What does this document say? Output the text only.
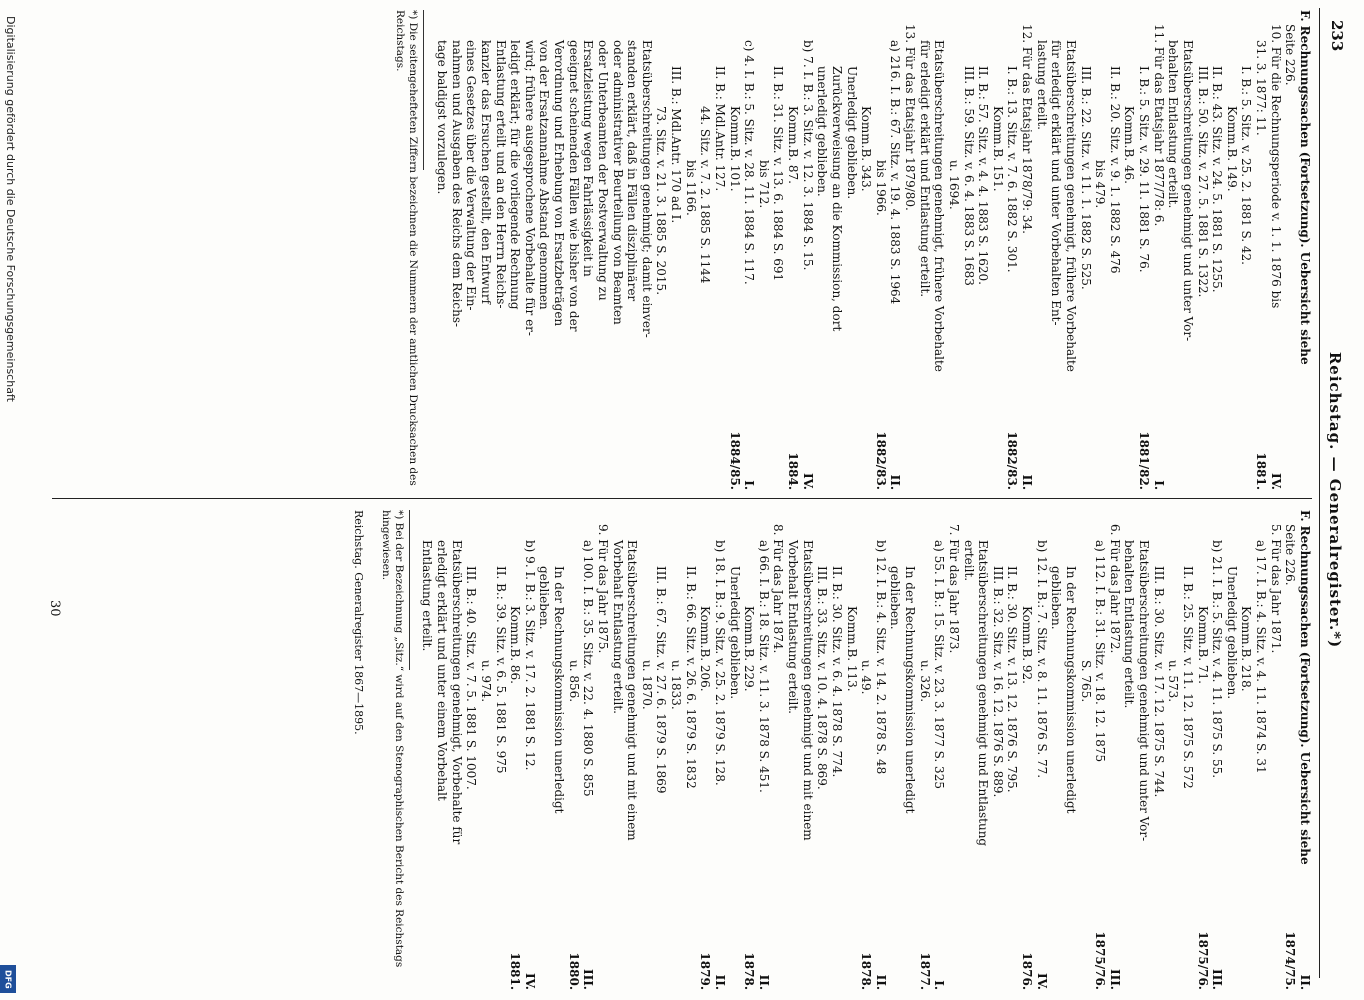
Digitalisierung gefördert durch die Deutsche Forschungsgemeinschaft
DFG
Reichstag. — Generalregister.*)
233
F. Rechnungssachen (Fortsetzung). Uebersicht siehe
Seite 226.
10. Für die Rechnungsperiode v. 1. 1. 1876 bis
IV.
31. 3. 1877: 11.
1881.
I. B.: 5. Sitz. v. 25. 2. 1881 S. 42.
Komm.B. 149.
II. B.: 43. Sitz. v. 24. 5. 1881 S. 1255.
III. B.: 50. Sitz. v. 27. 5. 1881 S. 1322.
Etatsüberschreitungen genehmigt und unter Vor-
behalten Entlastung erteilt.
11. Für das Etatsjahr 1877/78: 6.
I.
I. B.: 5. Sitz. v. 29. 11. 1881 S. 76.
1881/82.
Komm.B. 46.
II. B.: 20. Sitz. v. 9. 1. 1882 S. 476
bis 479.
III. B.: 22. Sitz. v. 11. 1. 1882 S. 525.
Etatsüberschreitungen genehmigt, frühere Vorbehalte
für erledigt erklärt und unter Vorbehalten Ent-
lastung erteilt.
12. Für das Etatsjahr 1878/79: 34.
II.
I. B.: 13. Sitz. v. 7. 6. 1882 S. 301.
1882/83.
Komm.B. 151.
II. B.: 57. Sitz. v. 4. 4. 1883 S. 1620.
III. B.: 59. Sitz. v. 6. 4. 1883 S. 1683
u. 1694.
Etatsüberschreitungen genehmigt, frühere Vorbehalte
für erledigt erklärt und Entlastung erteilt.
13. Für das Etatsjahr 1879/80.
a) 216. I. B.: 67. Sitz. v. 19. 4. 1883 S. 1964
II.
bis 1966.
1882/83.
Komm.B. 343.
Unerledigt geblieben.
Zurückverweisung an die Kommission, dort
unerledigt geblieben.
b) 7. I. B.: 3. Sitz. v. 12. 3. 1884 S. 15.
IV.
Komm.B. 87.
1884.
II. B.: 31. Sitz. v. 13. 6. 1884 S. 691
bis 712.
c) 4. I. B.: 5. Sitz. v. 28. 11. 1884 S. 117.
I.
Komm.B. 101.
1884/85.
II. B.: Mdl.Antr. 127.
44. Sitz. v. 7. 2. 1885 S. 1144
bis 1166.
III. B.: Mdl.Antr. 170 ad I.
73. Sitz. v. 21. 3. 1885 S. 2015.
Etatsüberschreitungen genehmigt; damit einver-
standen erklärt, daß in Fällen disziplinärer
oder administrativer Beurteilung von Beamten
oder Unterbeamten der Postverwaltung zu
Ersatzleistung wegen Fahrlässigkeit in
geeignet scheinenden Fällen wie bisher von der
Verordnung und Erhebung von Ersatzbeträgen
von der Ersatzannahme Abstand genommen
wird; frühere ausgesprochene Vorbehalte für er-
ledigt erklärt; für die vorliegende Rechnung
Entlastung erteilt und an den Herrn Reichs-
kanzler das Ersuchen gestellt, den Entwurf
eines Gesetzes über die Verwaltung der Ein-
nahmen und Ausgaben des Reichs dem Reichs-
tage baldigst vorzulegen.
*) Die seitengehefteten Ziffern bezeichnen die Nummern der amtlichen Drucksachen des Reichstags.
F. Rechnungssachen (Fortsetzung). Uebersicht siehe
II.
Seite 226.
1874/75.
5. Für das Jahr 1871.
a) 17. I. B.: 4. Sitz. v. 4. 11. 1874 S. 31
Komm.B. 218.
Unerledigt geblieben.
b) 21. I. B.: 5. Sitz. v. 4. 11. 1875 S. 55.
III.
Komm.B. 71.
1875/76.
II. B.: 25. Sitz. v. 11. 12. 1875 S. 572
u. 573.
III. B.: 30. Sitz. v. 17. 12. 1875 S. 744.
Etatsüberschreitungen genehmigt und unter Vor-
behalten Entlastung erteilt.
6. Für das Jahr 1872.
III.
a) 112. I. B.: 31. Sitz. v. 18. 12. 1875
1875/76.
S. 765.
In der Rechnungskommission unerledigt
geblieben.
b) 12. I. B.: 7. Sitz. v. 8. 11. 1876 S. 77.
IV.
Komm.B. 92.
1876.
II. B.: 30. Sitz. v. 13. 12. 1876 S. 795.
III. B.: 32. Sitz. v. 16. 12. 1876 S. 889.
Etatsüberschreitungen genehmigt und Entlastung
erteilt.
7. Für das Jahr 1873.
a) 55. I. B.: 15. Sitz. v. 23. 3. 1877 S. 325
I.
u. 326.
1877.
In der Rechnungskommission unerledigt
geblieben.
b) 12. I. B.: 4. Sitz. v. 14. 2. 1878 S. 48
II.
u. 49.
1878.
Komm.B. 113.
II. B.: 30. Sitz. v. 6. 4. 1878 S. 774.
III. B.: 33. Sitz. v. 10. 4. 1878 S. 869.
Etatsüberschreitungen genehmigt und mit einem
Vorbehalt Entlastung erteilt.
8. Für das Jahr 1874.
a) 66. I. B.: 18. Sitz. v. 11. 3. 1878 S. 451.
II.
Komm.B. 229.
1878.
Unerledigt geblieben.
b) 18. I. B.: 9. Sitz. v. 25. 2. 1879 S. 128.
II.
Komm.B. 206.
1879.
II. B.: 66. Sitz. v. 26. 6. 1879 S. 1832
u. 1833.
III. B.: 67. Sitz. v. 27. 6. 1879 S. 1869
u. 1870.
Etatsüberschreitungen genehmigt und mit einem
Vorbehalt Entlastung erteilt.
9. Für das Jahr 1875.
a) 100. I. B.: 35. Sitz. v. 22. 4. 1880 S. 855
III.
u. 856.
1880.
In der Rechnungskommission unerledigt
geblieben.
b) 9. I. B.: 3. Sitz. v. 17. 2. 1881 S. 12.
IV.
Komm.B. 86.
1881.
II. B.: 39. Sitz. v. 6. 5. 1881 S. 975
u. 974.
III. B.: 40. Sitz. v. 7. 5. 1881 S. 1007.
Etatsüberschreitungen genehmigt, Vorbehalte für
erledigt erklärt und unter einem Vorbehalt
Entlastung erteilt.
*) Bei der Bezeichnung „Sitz.“ wird auf den Stenographischen Bericht des Reichstags hingewiesen.
Reichstag. Generalregister 1867—1895.
30
